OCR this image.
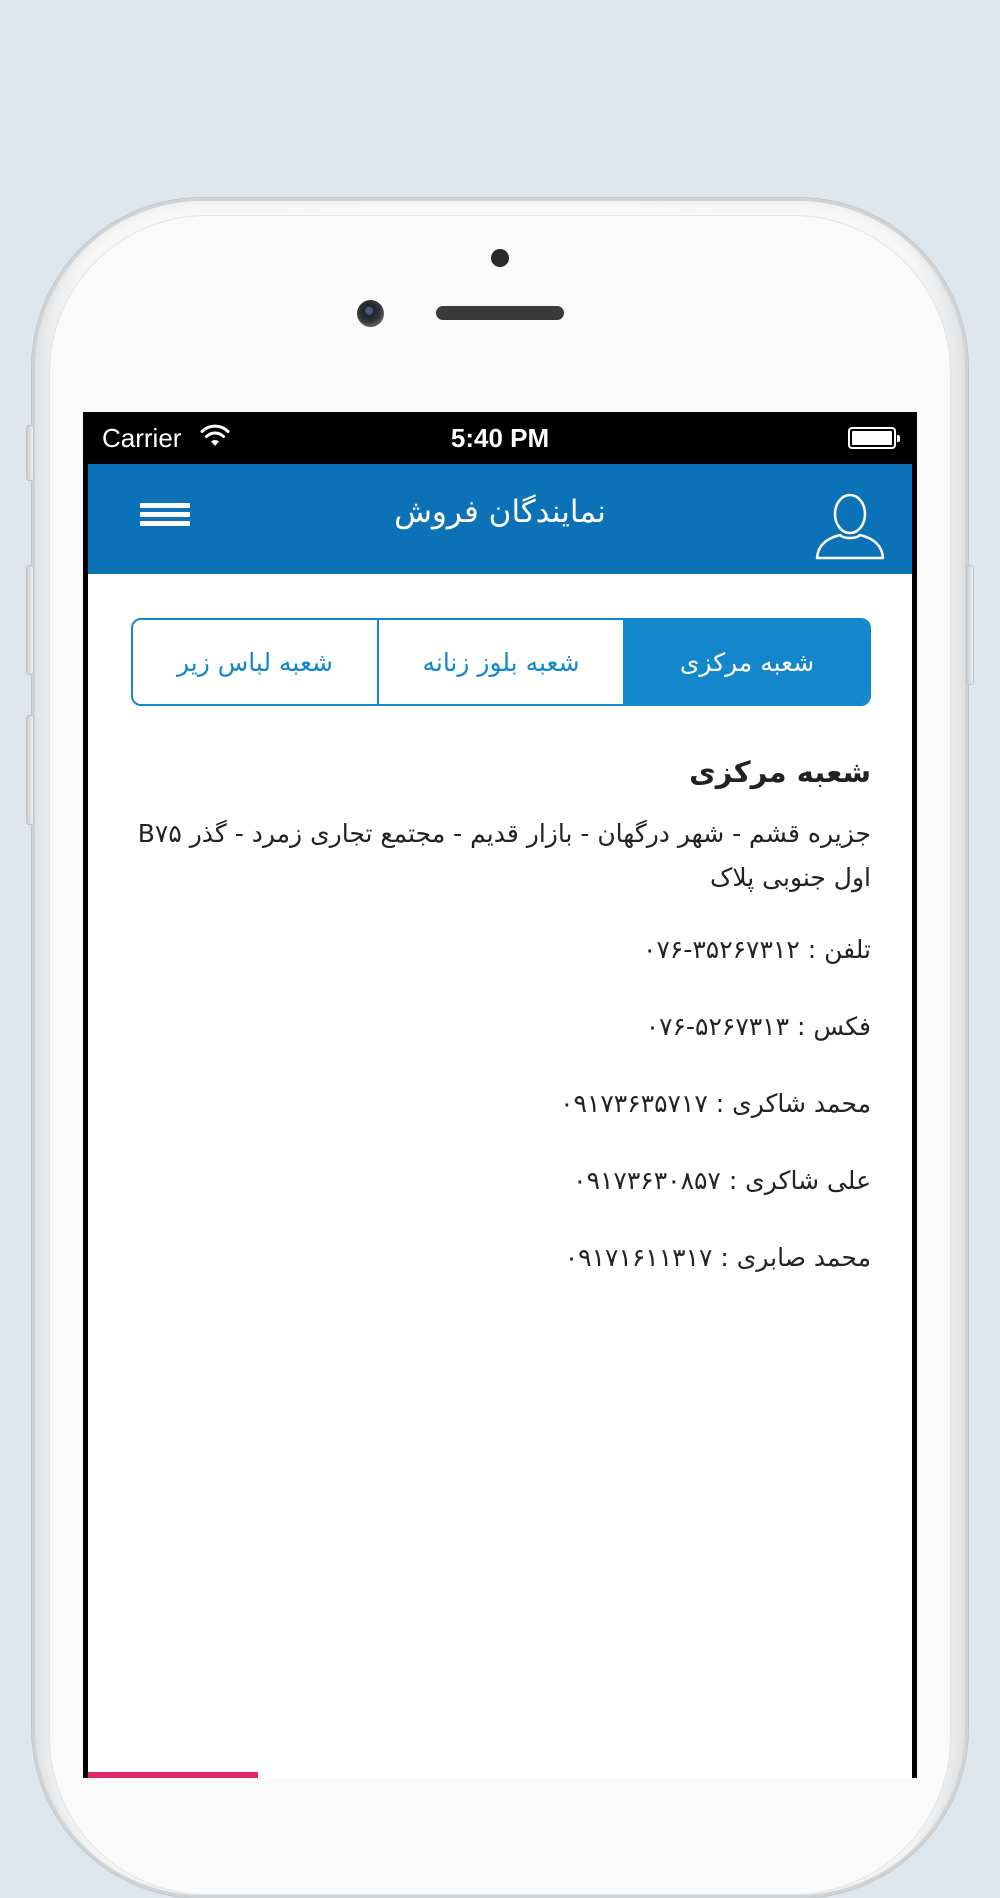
Carrier	5:40 PM
نمایندگان فروش
شعبه لباس زیر	شعبه بلوز زنانه	شعبه مرکزی
شعبه مرکزی
جزیره قشم - شهر درگهان - بازار قدیم - مجتمع تجاری زمرد - گذر B۷۵ اول جنوبی پلاک
تلفن : ۰۷۶-۳۵۲۶۷۳۱۲
فکس : ۰۷۶-۵۲۶۷۳۱۳
محمد شاکری : ۰۹۱۷۳۶۳۵۷۱۷
علی شاکری : ۰۹۱۷۳۶۳۰۸۵۷
محمد صابری : ۰۹۱۷۱۶۱۱۳۱۷
